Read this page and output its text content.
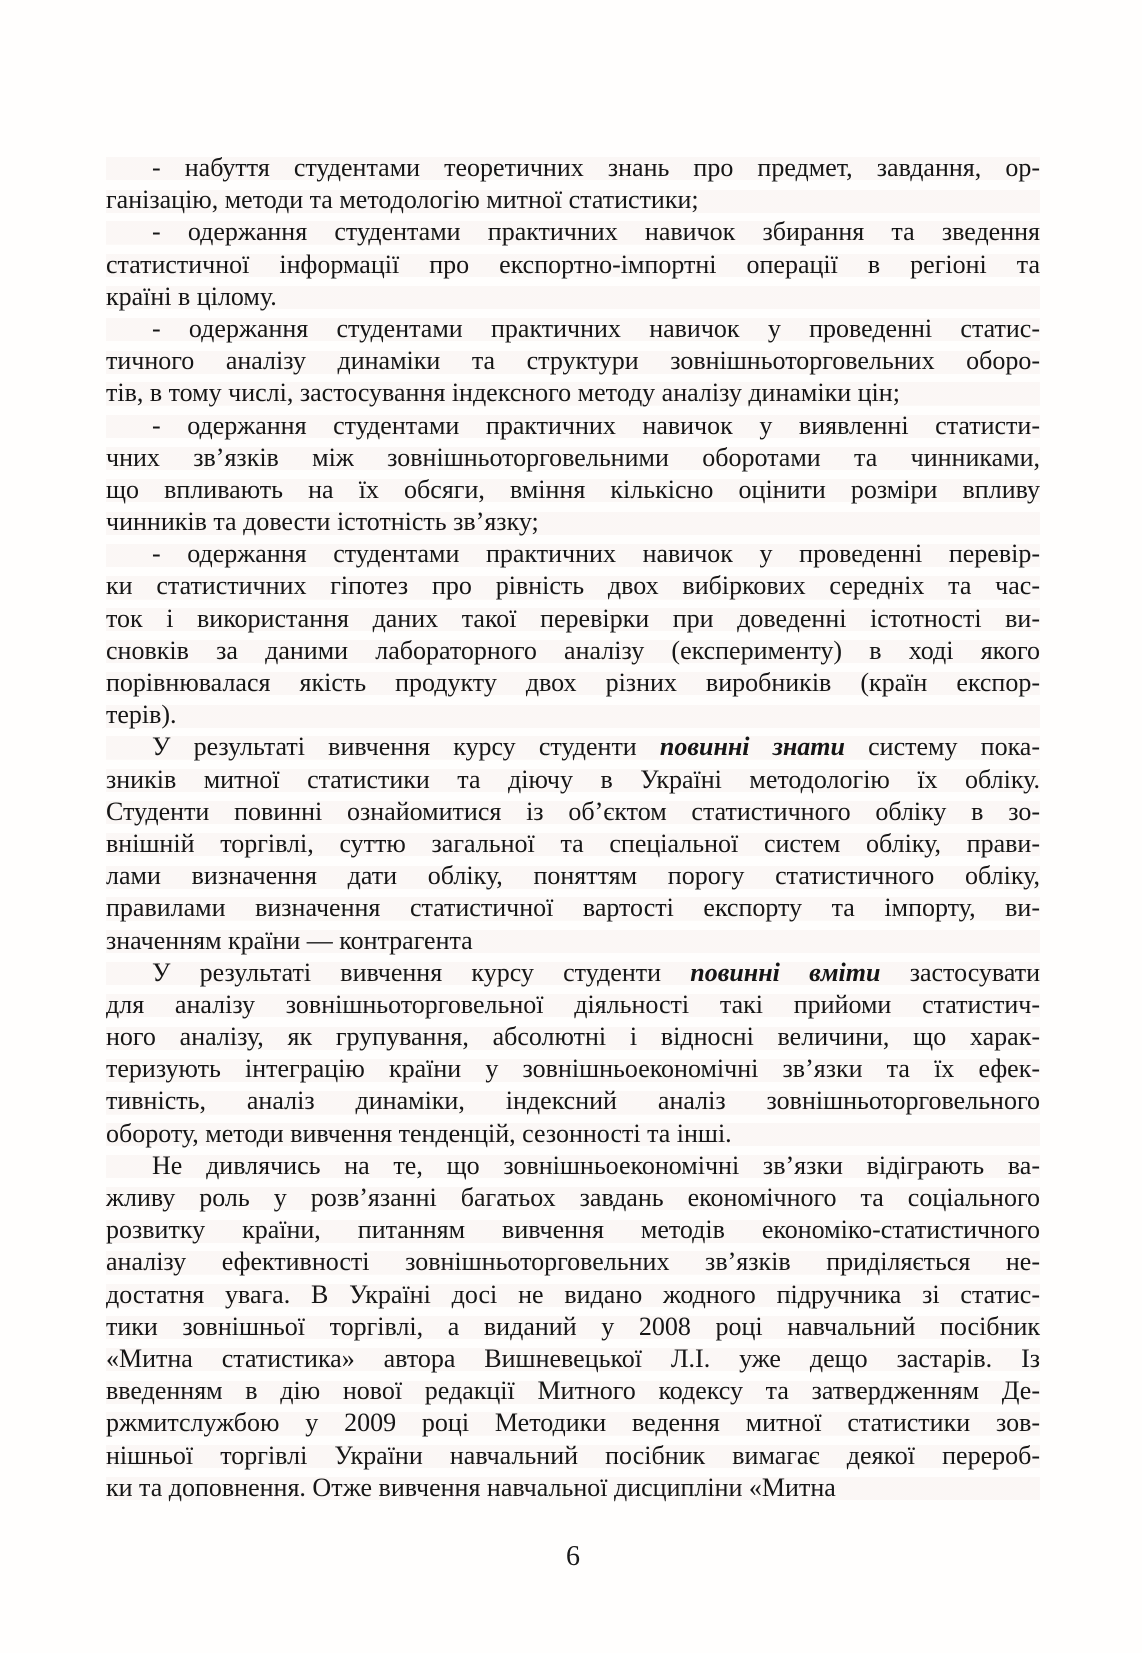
- набуття студентами теоретичних знань про предмет, завдання, ор-
ганізацію, методи та методологію митної статистики;
- одержання студентами практичних навичок збирання та зведення
статистичної інформації про експортно-імпортні операції в регіоні та
країні в цілому.
- одержання студентами практичних навичок у проведенні статис-
тичного аналізу динаміки та структури зовнішньоторговельних оборо-
тів, в тому числі, застосування індексного методу аналізу динаміки цін;
- одержання студентами практичних навичок у виявленні статисти-
чних зв’язків між зовнішньоторговельними оборотами та чинниками,
що впливають на їх обсяги, вміння кількісно оцінити розміри впливу
чинників та довести істотність зв’язку;
- одержання студентами практичних навичок у проведенні перевір-
ки статистичних гіпотез про рівність двох вибіркових середніх та час-
ток і використання даних такої перевірки при доведенні істотності ви-
сновків за даними лабораторного аналізу (експерименту) в ході якого
порівнювалася якість продукту двох різних виробників (країн експор-
терів).
У результаті вивчення курсу студенти повинні знати систему пока-
зників митної статистики та діючу в Україні методологію їх обліку.
Студенти повинні ознайомитися із об’єктом статистичного обліку в зо-
внішній торгівлі, суттю загальної та спеціальної систем обліку, прави-
лами визначення дати обліку, поняттям порогу статистичного обліку,
правилами визначення статистичної вартості експорту та імпорту, ви-
значенням країни — контрагента
У результаті вивчення курсу студенти повинні вміти застосувати
для аналізу зовнішньоторговельної діяльності такі прийоми статистич-
ного аналізу, як групування, абсолютні і відносні величини, що харак-
теризують інтеграцію країни у зовнішньоекономічні зв’язки та їх ефек-
тивність, аналіз динаміки, індексний аналіз зовнішньоторговельного
обороту, методи вивчення тенденцій, сезонності та інші.
Не дивлячись на те, що зовнішньоекономічні зв’язки відіграють ва-
жливу роль у розв’язанні багатьох завдань економічного та соціального
розвитку країни, питанням вивчення методів економіко-статистичного
аналізу ефективності зовнішньоторговельних зв’язків приділяється не-
достатня увага. В Україні досі не видано жодного підручника зі статис-
тики зовнішньої торгівлі, а виданий у 2008 році навчальний посібник
«Митна статистика» автора Вишневецької Л.І. уже дещо застарів. Із
введенням в дію нової редакції Митного кодексу та затвердженням Де-
ржмитслужбою у 2009 році Методики ведення митної статистики зов-
нішньої торгівлі України навчальний посібник вимагає деякої перероб-
ки та доповнення. Отже вивчення навчальної дисципліни «Митна
6
